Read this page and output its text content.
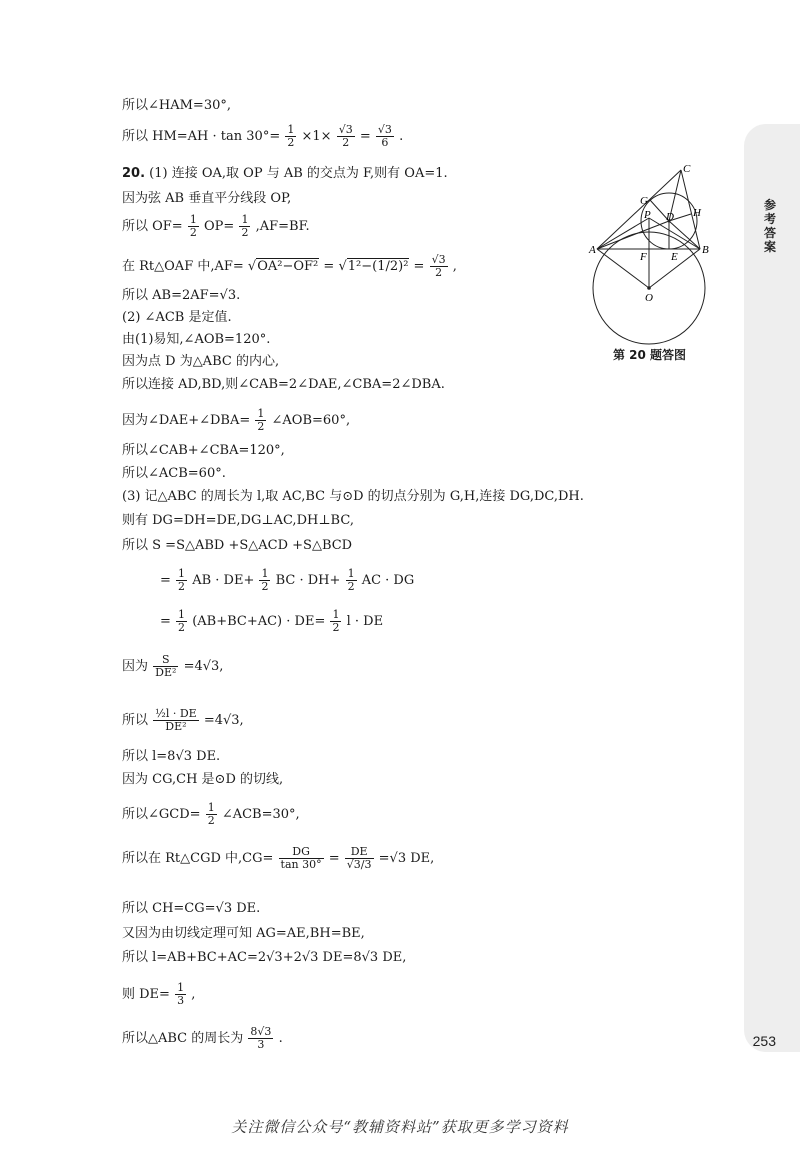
参考答案
253
所以∠HAM=30°,
所以 $HM=AH \cdot \tan 30^\circ= \frac{1}{2} \times 1\times \frac{√3}{2} = \frac{√3}{6}$ .
20. (1) 连接 OA,取 OP 与 AB 的交点为 F,则有 OA=1.
因为弦 AB 垂直平分线段 OP,
所以 $OF= \frac{1}{2} OP= \frac{1}{2} ,AF=BF$.
在 Rt△OAF 中$,AF= √OA^2-OF^2 = √1^2-(1/2)^2 = \frac{√3}{2}$ ,
所以 AB=2AF=√3.
(2) ∠ACB 是定值.
由(1)易知,∠AOB=120°.
因为点 D 为△ABC 的内心,
所以连接 AD,BD,则∠CAB=2∠DAE,∠CBA=2∠DBA.
因为∠DAE+∠DBA= $\frac{1}{2}$ ∠AOB=60°,
所以∠CAB+∠CBA=120°,
所以∠ACB=60°.
(3) 记△ABC 的周长为 l,取 AC,BC 与⊙D 的切点分别为 G,H,连接 DG,DC,DH.
则有 DG=DH=DE,DG⊥AC,DH⊥BC,
所以 S =S△ABD +S△ACD +S△BCD
= $\frac{1}{2}$ AB · $DE+ \frac{1}{2}$ BC · $DH+ \frac{1}{2}$ AC · DG
= $\frac{1}{2} (AB+BC+AC) \cdot DE= \frac{1}{2}$ l · DE
因为 $\frac{S}{\text{DE²}} =4√3$,
所以 $\frac{\text{½l · DE}}{\text{DE²}} =4√3$,
所以 l=8√3 DE.
因为 CG,CH 是⊙D 的切线,
所以∠GCD= $\frac{1}{2}$ ∠ACB=30°,
所以在 Rt△CGD 中$,CG= \frac{DG}{\tan 30^\circ} = \frac{DE}{√3/3} =√3$ DE,
所以 CH=CG=√3 DE.
又因为由切线定理可知 AG=AE,BH=BE,
所以 l=AB+BC+AC=2√3+2√3 DE=8√3 DE,
则 $DE= \frac{1}{3}$ ,
所以△ABC 的周长为 $\frac{8√3}{3}$ .
C
G
P D H
A	B
F E
O
第 20 题答图
关注微信公众号“教辅资料站”获取更多学习资料
